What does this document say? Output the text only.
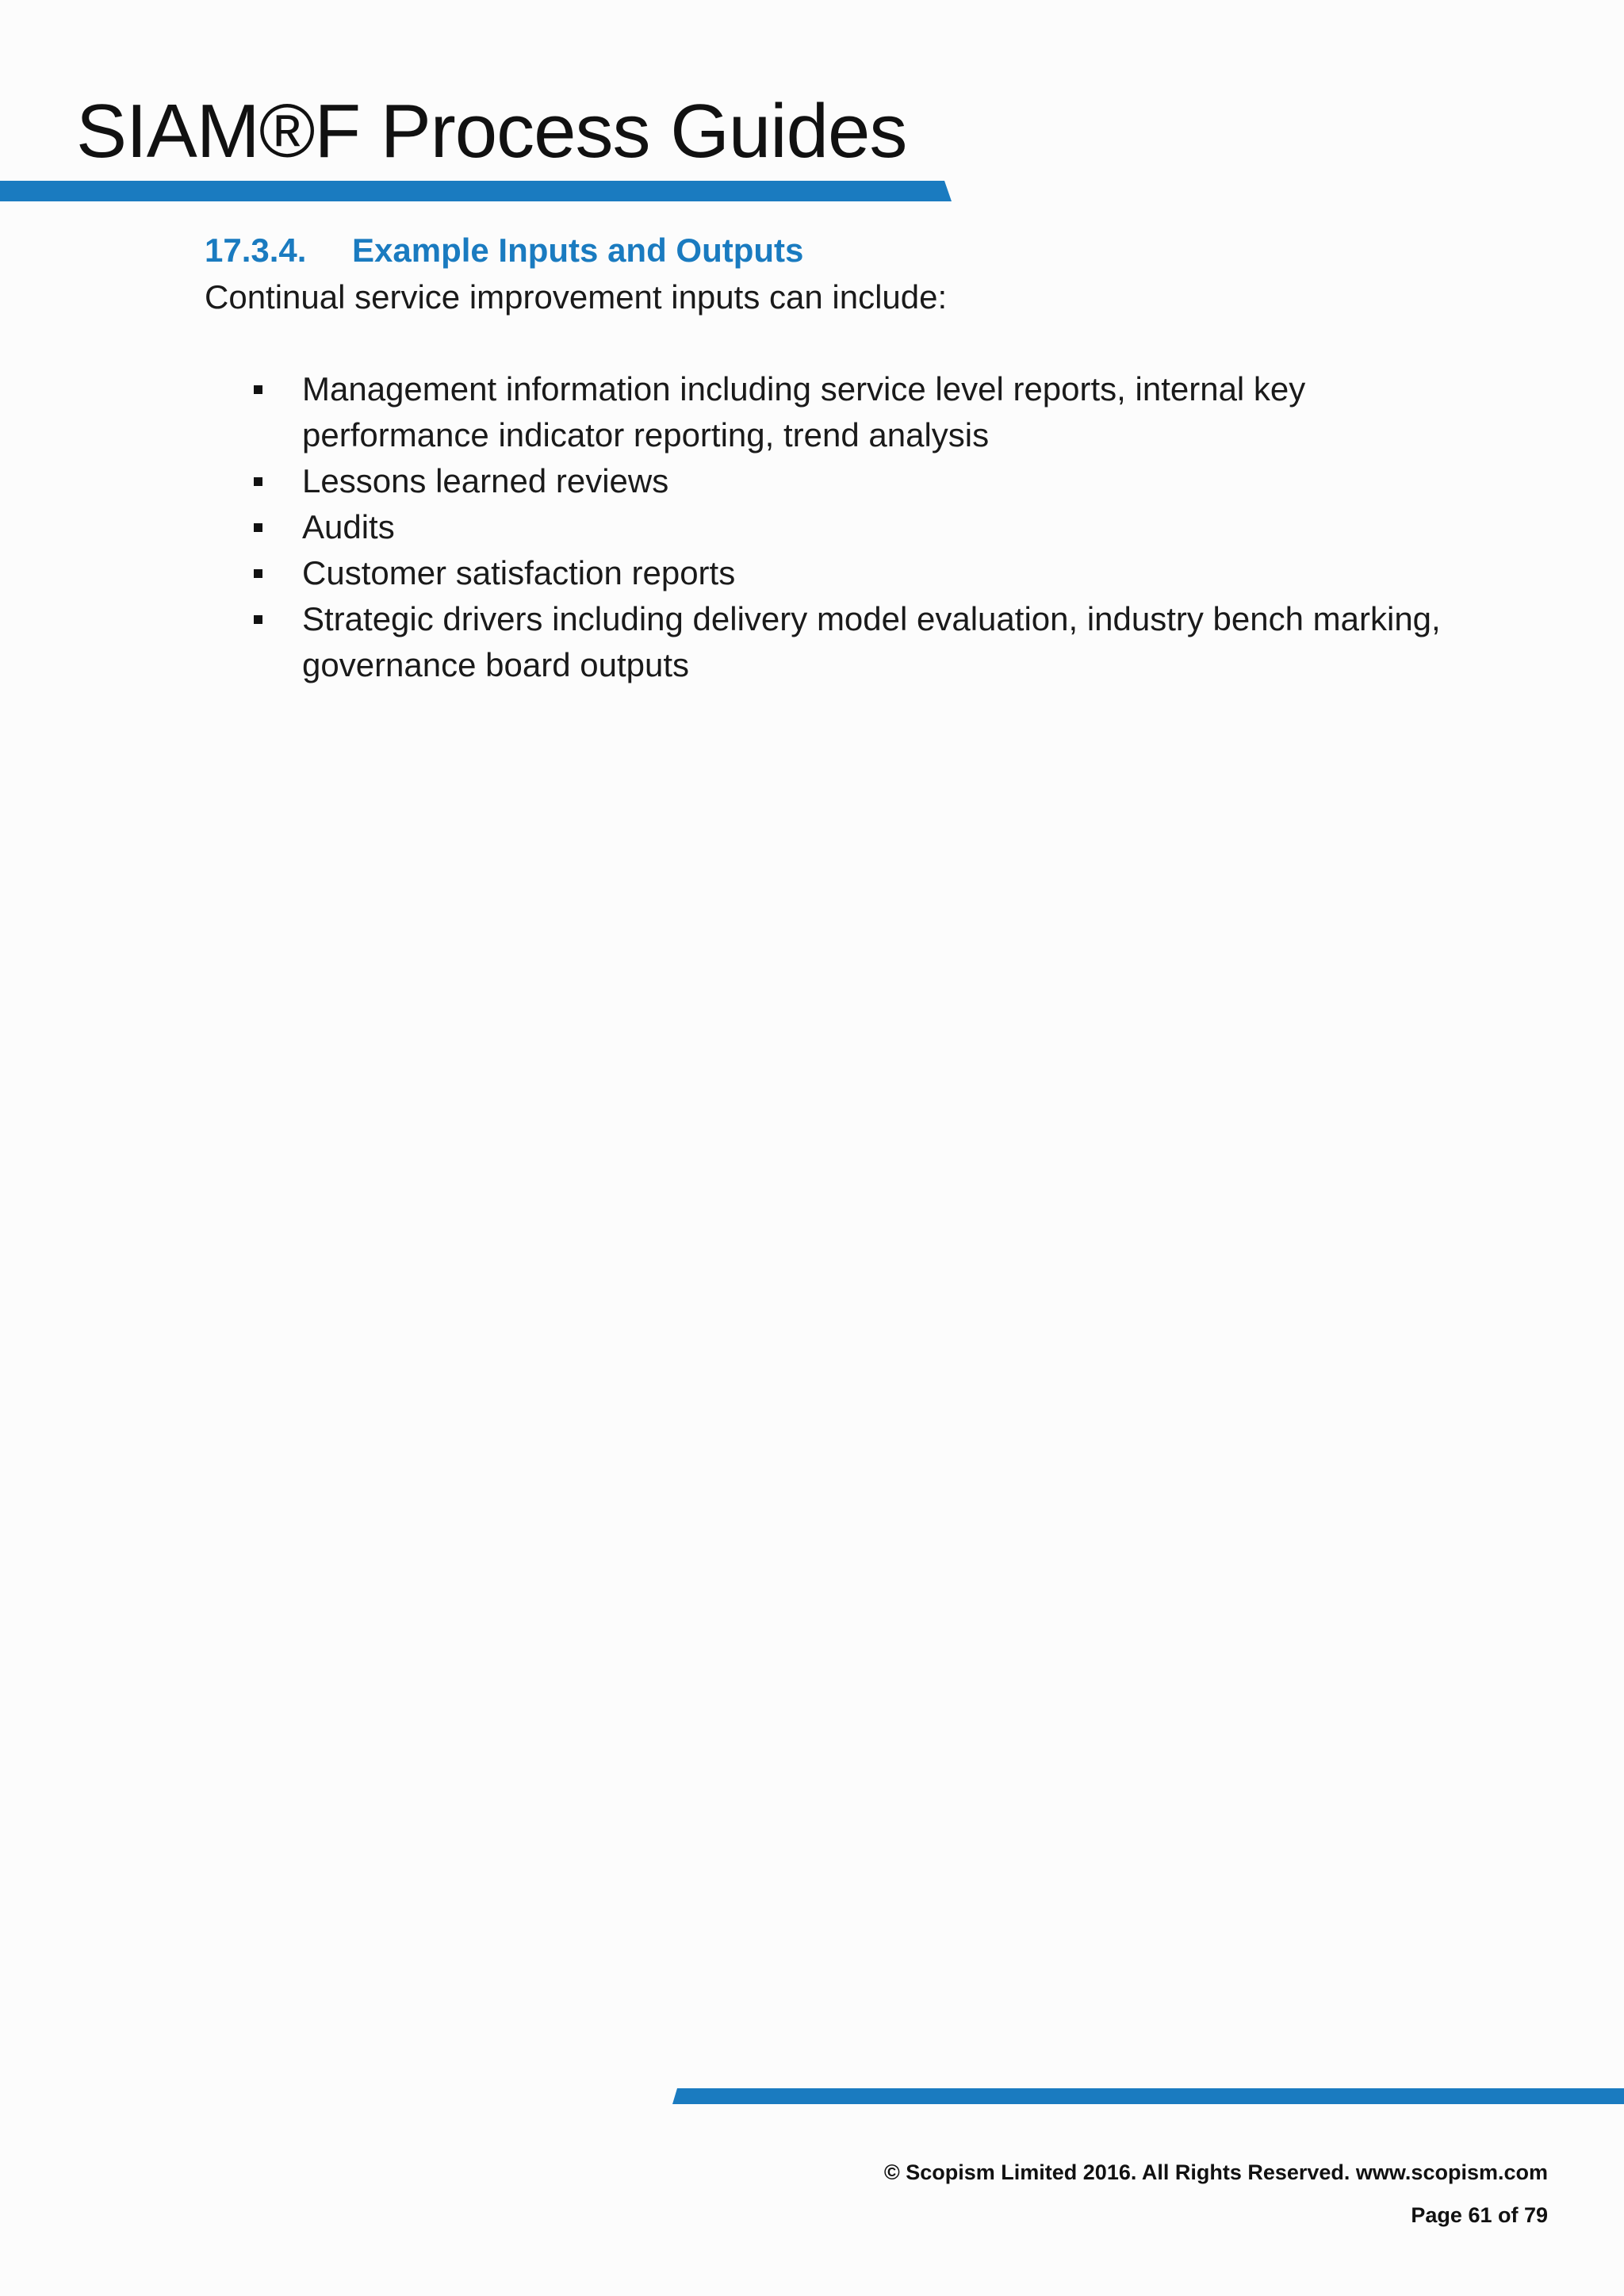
SIAM®F Process Guides
17.3.4. Example Inputs and Outputs
Continual service improvement inputs can include:
Management information including service level reports, internal key performance indicator reporting, trend analysis
Lessons learned reviews
Audits
Customer satisfaction reports
Strategic drivers including delivery model evaluation, industry bench marking, governance board outputs
© Scopism Limited 2016. All Rights Reserved. www.scopism.com
Page 61 of 79
